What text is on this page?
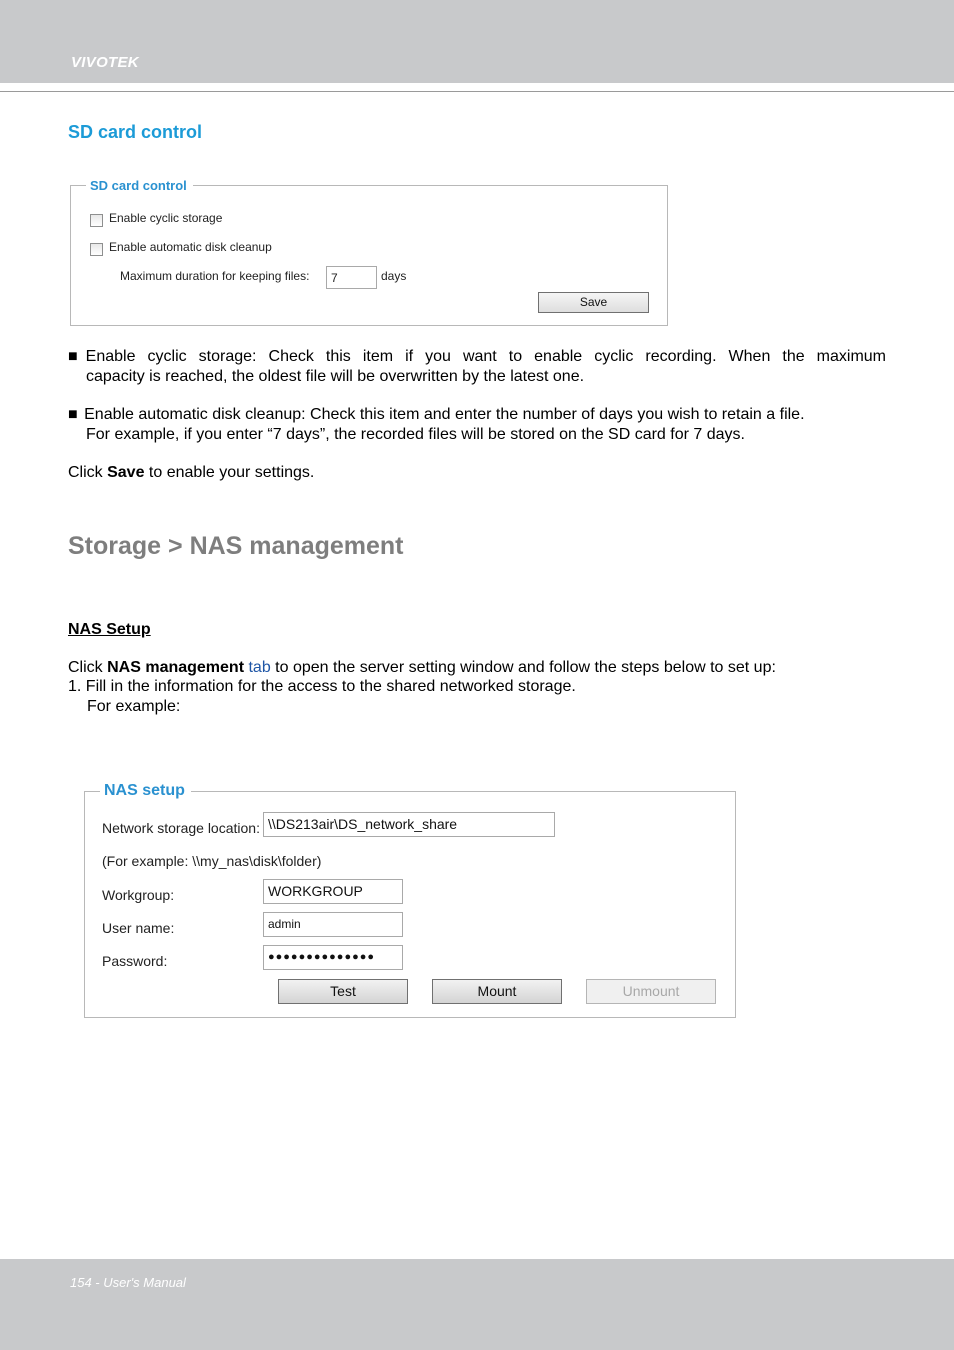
VIVOTEK
SD card control
SD card control
Enable cyclic storage
Enable automatic disk cleanup
Maximum duration for keeping files:	7	days
Save
■ Enable cyclic storage: Check this item if you want to enable cyclic recording. When the maximum
capacity is reached, the oldest file will be overwritten by the latest one.
■ Enable automatic disk cleanup: Check this item and enter the number of days you wish to retain a file.
For example, if you enter “7 days”, the recorded files will be stored on the SD card for 7 days.
Click Save to enable your settings.
Storage > NAS management
NAS Setup
Click NAS management tab to open the server setting window and follow the steps below to set up:
1. Fill in the information for the access to the shared networked storage.
For example:
NAS setup
Network storage location: \\DS213air\DS_network_share
(For example: \\my_nas\disk\folder)
Workgroup:	WORKGROUP
User name:	admin
Password:	●●●●●●●●●●●●●●
Test	Mount	Unmount
154 - User's Manual
